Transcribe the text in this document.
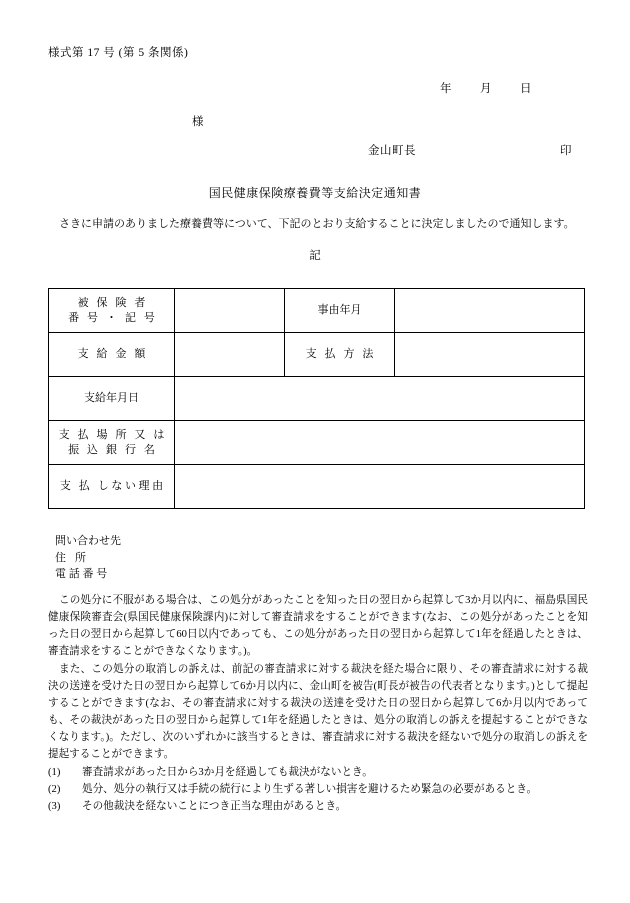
様式第 17 号 (第 5 条関係)
年 月 日
様
金山町長	印
国民健康保険療養費等支給決定通知書
さきに申請のありました療養費等について、下記のとおり支給することに決定しましたので通知します。
記
被 保 険 者
番 号 ・ 記 号		事由年月	

支 給 金 額		支 払 方 法	

支給年月日			

支 払 場 所 又 は
振 込 銀 行 名			

支 払 しない理由			

問い合わせ先
住所
電 話 番 号

この処分に不服がある場合は、この処分があったことを知った日の翌日から起算して3か月以内に、福島県国民健康保険審査会(県国民健康保険課内)に対して審査請求をすることができます(なお、この処分があったことを知った日の翌日から起算して60日以内であっても、この処分があった日の翌日から起算して1年を経過したときは、審査請求をすることができなくなります。)。

また、この処分の取消しの訴えは、前記の審査請求に対する裁決を経た場合に限り、その審査請求に対する裁決の送達を受けた日の翌日から起算して6か月以内に、金山町を被告(町長が被告の代表者となります。)として提起することができます(なお、その審査請求に対する裁決の送達を受けた日の翌日から起算して6か月以内であっても、その裁決があった日の翌日から起算して1年を経過したときは、処分の取消しの訴えを提起することができなくなります。)。ただし、次のいずれかに該当するときは、審査請求に対する裁決を経ないで処分の取消しの訴えを提起することができます。

(1)	審査請求があった日から3か月を経過しても裁決がないとき。

(2)	処分、処分の執行又は手続の続行により生ずる著しい損害を避けるため緊急の必要があるとき。

(3)	その他裁決を経ないことにつき正当な理由があるとき。
